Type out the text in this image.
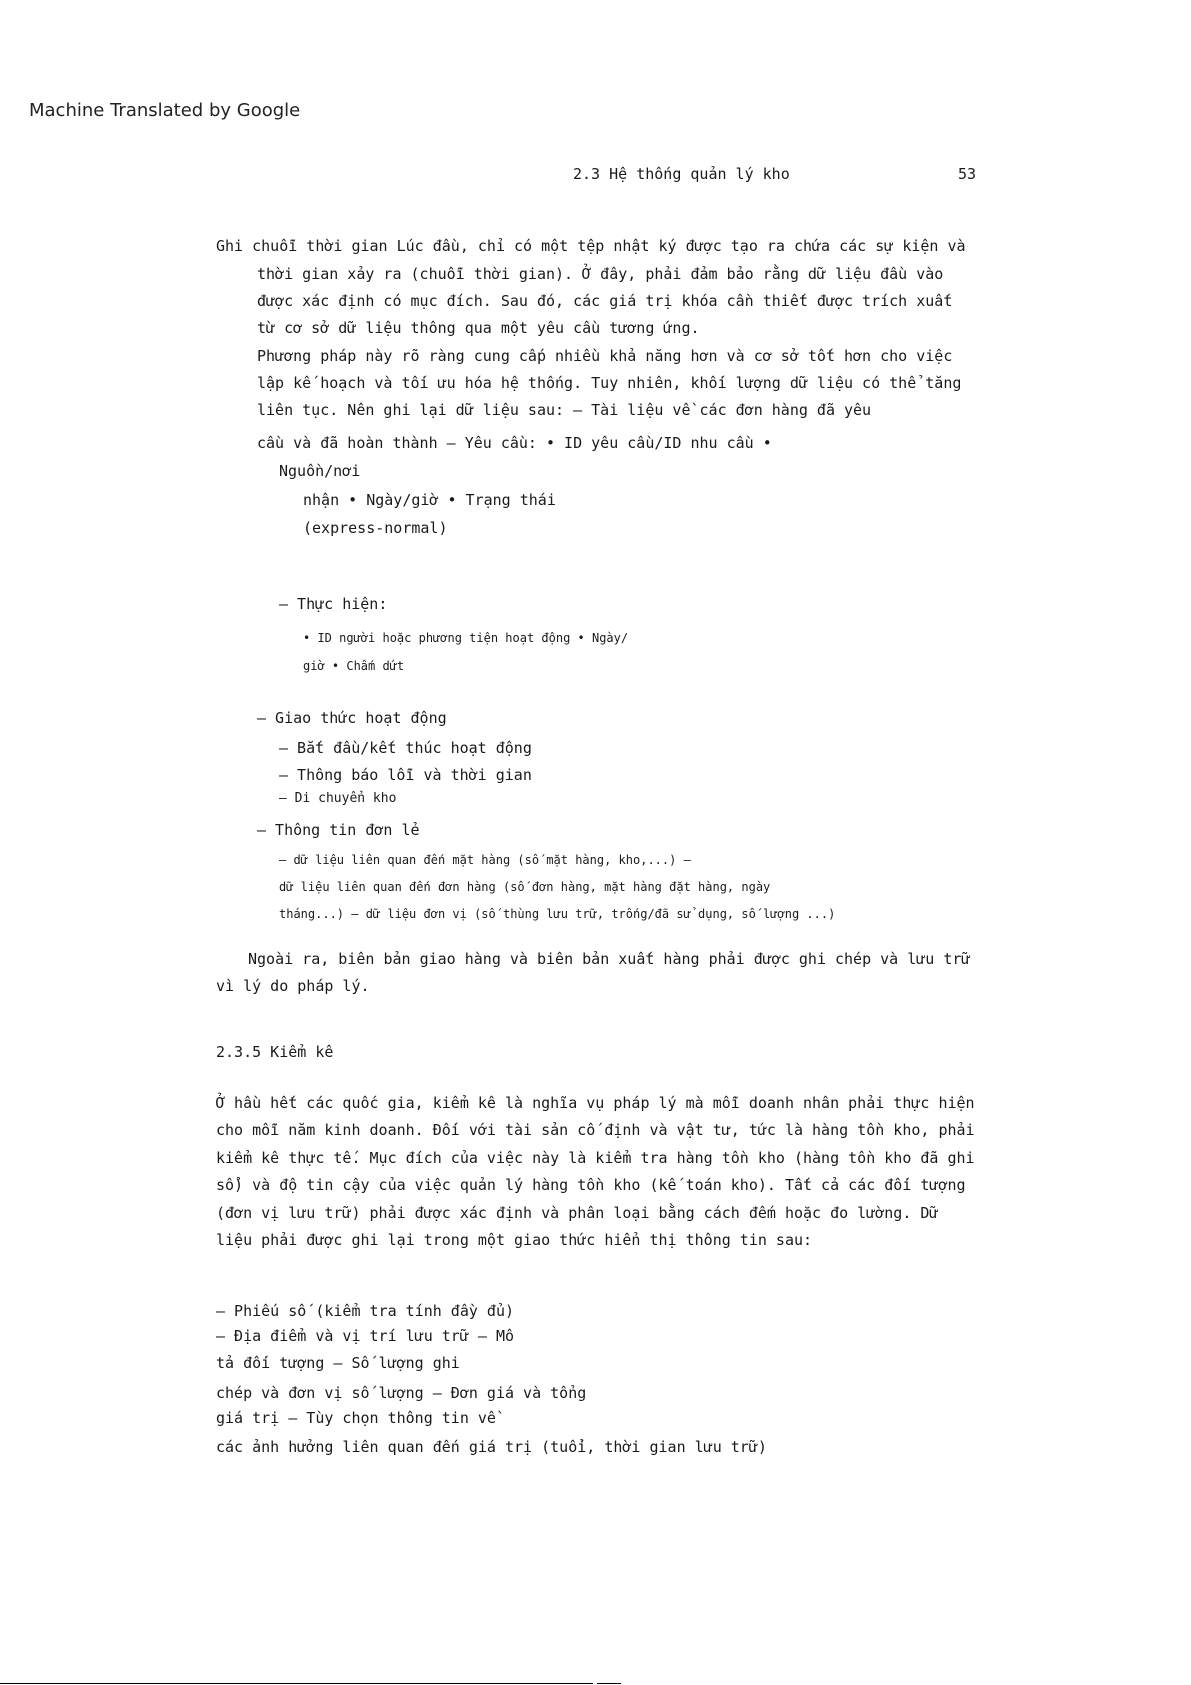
Machine Translated by Google
2.3 Hệ thống quản lý kho	53
Ghi chuỗi thời gian Lúc đầu, chỉ có một tệp nhật ký được tạo ra chứa các sự kiện và
thời gian xảy ra (chuỗi thời gian). Ở đây, phải đảm bảo rằng dữ liệu đầu vào
được xác định có mục đích. Sau đó, các giá trị khóa cần thiết được trích xuất
từ cơ sở dữ liệu thông qua một yêu cầu tương ứng.
Phương pháp này rõ ràng cung cấp nhiều khả năng hơn và cơ sở tốt hơn cho việc
lập kế hoạch và tối ưu hóa hệ thống. Tuy nhiên, khối lượng dữ liệu có thể tăng
liên tục. Nên ghi lại dữ liệu sau: – Tài liệu về các đơn hàng đã yêu
cầu và đã hoàn thành – Yêu cầu: • ID yêu cầu/ID nhu cầu •
Nguồn/nơi
nhận • Ngày/giờ • Trạng thái
(express-normal)
– Thực hiện:
• ID người hoặc phương tiện hoạt động • Ngày/
giờ • Chấm dứt
– Giao thức hoạt động
– Bắt đầu/kết thúc hoạt động
– Thông báo lỗi và thời gian
– Di chuyển kho
– Thông tin đơn lẻ
– dữ liệu liên quan đến mặt hàng (số mặt hàng, kho,...) –
dữ liệu liên quan đến đơn hàng (số đơn hàng, mặt hàng đặt hàng, ngày
tháng...) – dữ liệu đơn vị (số thùng lưu trữ, trống/đã sử dụng, số lượng ...)
Ngoài ra, biên bản giao hàng và biên bản xuất hàng phải được ghi chép và lưu trữ
vì lý do pháp lý.
2.3.5 Kiểm kê
Ở hầu hết các quốc gia, kiểm kê là nghĩa vụ pháp lý mà mỗi doanh nhân phải thực hiện
cho mỗi năm kinh doanh. Đối với tài sản cố định và vật tư, tức là hàng tồn kho, phải
kiểm kê thực tế. Mục đích của việc này là kiểm tra hàng tồn kho (hàng tồn kho đã ghi
sổ) và độ tin cậy của việc quản lý hàng tồn kho (kế toán kho). Tất cả các đối tượng
(đơn vị lưu trữ) phải được xác định và phân loại bằng cách đếm hoặc đo lường. Dữ
liệu phải được ghi lại trong một giao thức hiển thị thông tin sau:
– Phiếu số (kiểm tra tính đầy đủ)
– Địa điểm và vị trí lưu trữ – Mô
tả đối tượng – Số lượng ghi
chép và đơn vị số lượng – Đơn giá và tổng
giá trị – Tùy chọn thông tin về
các ảnh hưởng liên quan đến giá trị (tuổi, thời gian lưu trữ)
